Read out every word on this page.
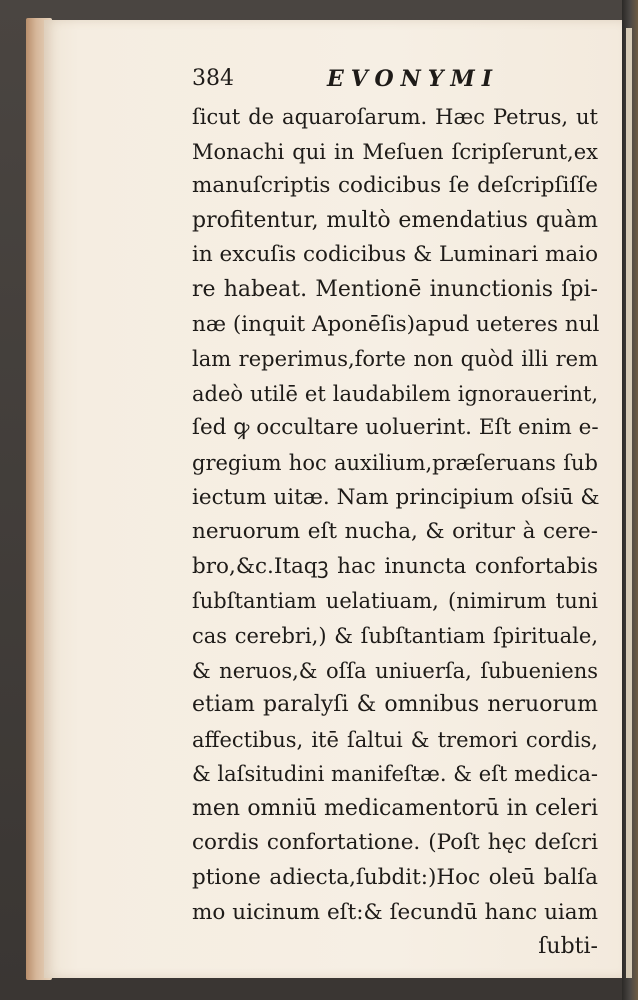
384	EVONYMI
ſicut de aquaroſarum. Hæc Petrus, ut
Monachi qui in Meſuen ſcripſerunt,ex
manuſcriptis codicibus ſe deſcripſiſſe
profitentur, multò emendatius quàm
in excuſis codicibus & Luminari maio
re habeat. Mentionē inunctionis ſpi-
næ (inquit Aponēſis)apud ueteres nul
lam reperimus,forte non quòd illi rem
adeò utilē et laudabilem ignorauerint,
ſed ꝙ occultare uoluerint. Eſt enim e-
gregium hoc auxilium,præſeruans ſub
iectum uitæ. Nam principium oſsiū &
neruorum eſt nucha, & oritur à cere-
bro,&c.Itaqꝫ hac inuncta confortabis
ſubſtantiam uelatiuam, (nimirum tuni
cas cerebri,) & ſubſtantiam ſpirituale,
& neruos,& oſſa uniuerſa, ſubueniens
etiam paralyſi & omnibus neruorum
affectibus, itē ſaltui & tremori cordis,
& laſsitudini manifeſtæ. & eſt medica-
men omniū medicamentorū in celeri
cordis confortatione. (Poſt hęc deſcri
ptione adiecta,ſubdit:)Hoc oleū balſa
mo uicinum eſt:& ſecundū hanc uiam
ſubti-
